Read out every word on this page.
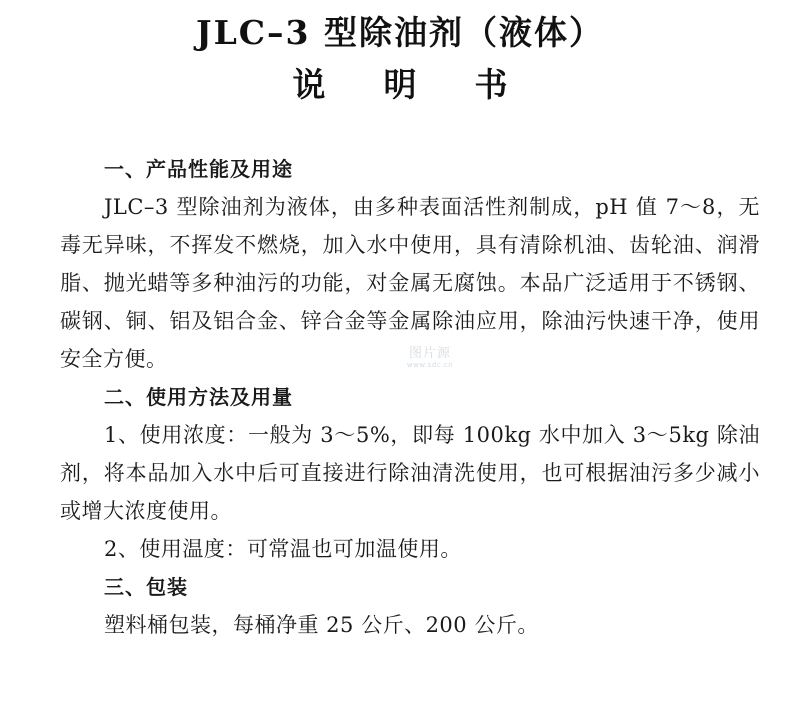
JLC–3 型除油剂（液体）
说明书
一、产品性能及用途

JLC–3 型除油剂为液体，由多种表面活性剂制成，pH 值 7～8，无毒无异味，不挥发不燃烧，加入水中使用，具有清除机油、齿轮油、润滑脂、抛光蜡等多种油污的功能，对金属无腐蚀。本品广泛适用于不锈钢、碳钢、铜、铝及铝合金、锌合金等金属除油应用，除油污快速干净，使用安全方便。

二、使用方法及用量

1、使用浓度：一般为 3～5%，即每 100kg 水中加入 3～5kg 除油剂，将本品加入水中后可直接进行除油清洗使用，也可根据油污多少减小或增大浓度使用。

2、使用温度：可常温也可加温使用。

三、包装

塑料桶包装，每桶净重 25 公斤、200 公斤。

图片源
www.sdc.cn
